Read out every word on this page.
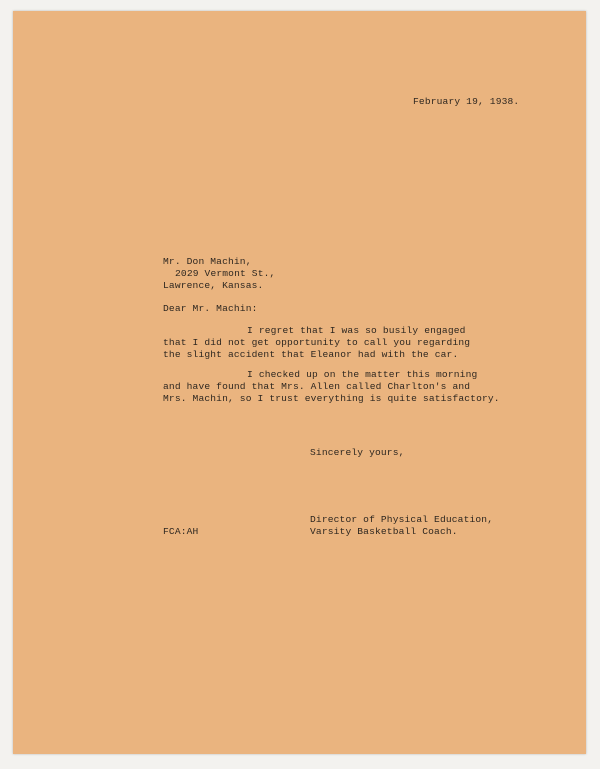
February 19, 1938.

Mr. Don Machin,

2029 Vermont St.,

Lawrence, Kansas.

Dear Mr. Machin:

I regret that I was so busily engaged

that I did not get opportunity to call you regarding

the slight accident that Eleanor had with the car.

I checked up on the matter this morning

and have found that Mrs. Allen called Charlton's and

Mrs. Machin, so I trust everything is quite satisfactory.

Sincerely yours,

Director of Physical Education,

Varsity Basketball Coach.

FCA:AH
